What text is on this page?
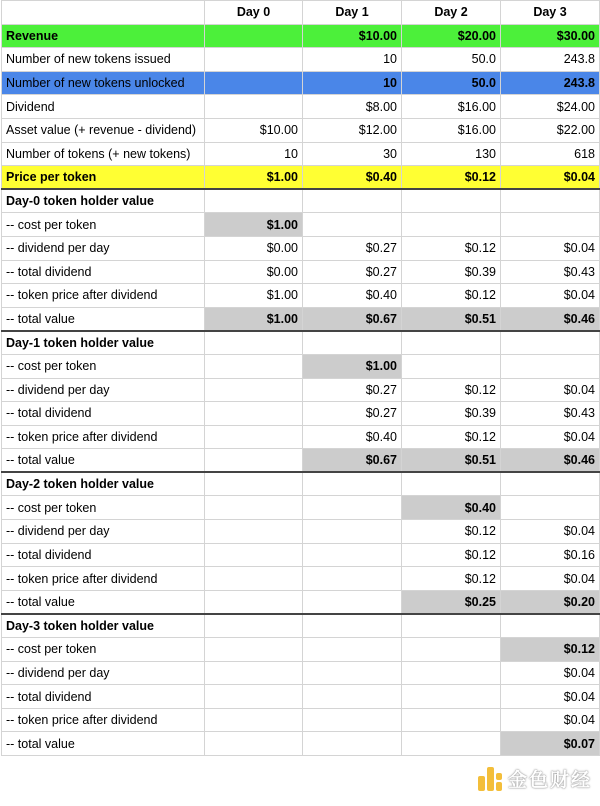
	Day 0	Day 1	Day 2	Day 3
Revenue		$10.00	$20.00	$30.00
Number of new tokens issued		10	50.0	243.8
Number of new tokens unlocked		10	50.0	243.8
Dividend		$8.00	$16.00	$24.00
Asset value (+ revenue - dividend)	$10.00	$12.00	$16.00	$22.00
Number of tokens (+ new tokens)	10	30	130	618
Price per token	$1.00	$0.40	$0.12	$0.04
Day-0 token holder value				
-- cost per token	$1.00			
-- dividend per day	$0.00	$0.27	$0.12	$0.04
-- total dividend	$0.00	$0.27	$0.39	$0.43
-- token price after dividend	$1.00	$0.40	$0.12	$0.04
-- total value	$1.00	$0.67	$0.51	$0.46
Day-1 token holder value				
-- cost per token		$1.00		
-- dividend per day		$0.27	$0.12	$0.04
-- total dividend		$0.27	$0.39	$0.43
-- token price after dividend		$0.40	$0.12	$0.04
-- total value		$0.67	$0.51	$0.46
Day-2 token holder value				
-- cost per token			$0.40	
-- dividend per day			$0.12	$0.04
-- total dividend			$0.12	$0.16
-- token price after dividend			$0.12	$0.04
-- total value			$0.25	$0.20
Day-3 token holder value				
-- cost per token				$0.12
-- dividend per day				$0.04
-- total dividend				$0.04
-- token price after dividend				$0.04
-- total value				$0.07
金色财经
